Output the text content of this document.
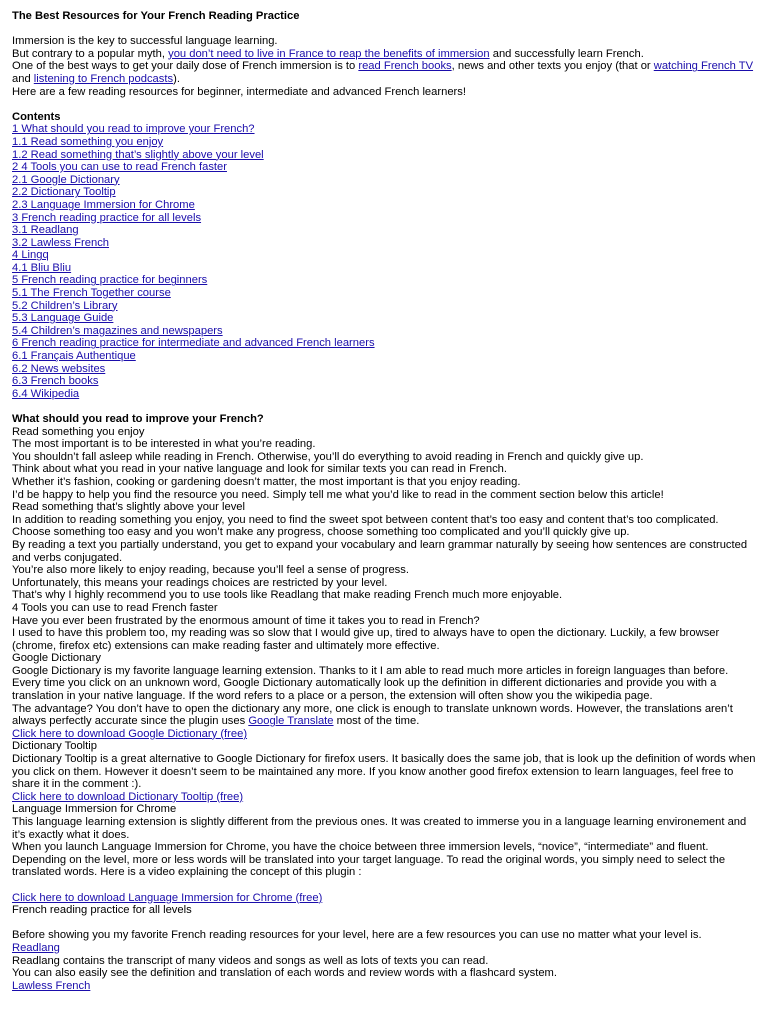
The Best Resources for Your French Reading Practice
Immersion is the key to successful language learning.
But contrary to a popular myth, you don’t need to live in France to reap the benefits of immersion and successfully learn French.
One of the best ways to get your daily dose of French immersion is to read French books, news and other texts you enjoy (that or watching French TV and listening to French podcasts).
Here are a few reading resources for beginner, intermediate and advanced French learners!
Contents
1 What should you read to improve your French?
1.1 Read something you enjoy
1.2 Read something that’s slightly above your level
2 4 Tools you can use to read French faster
2.1 Google Dictionary
2.2 Dictionary Tooltip
2.3 Language Immersion for Chrome
3 French reading practice for all levels
3.1 Readlang
3.2 Lawless French
4 Lingq
4.1 Bliu Bliu
5 French reading practice for beginners
5.1 The French Together course
5.2 Children’s Library
5.3 Language Guide
5.4 Children’s magazines and newspapers
6 French reading practice for intermediate and advanced French learners
6.1 Français Authentique
6.2 News websites
6.3 French books
6.4 Wikipedia
What should you read to improve your French?
Read something you enjoy
The most important is to be interested in what you’re reading.
You shouldn’t fall asleep while reading in French. Otherwise, you’ll do everything to avoid reading in French and quickly give up.
Think about what you read in your native language and look for similar texts you can read in French.
Whether it’s fashion, cooking or gardening doesn’t matter, the most important is that you enjoy reading.
I’d be happy to help you find the resource you need. Simply tell me what you’d like to read in the comment section below this article!
Read something that’s slightly above your level
In addition to reading something you enjoy, you need to find the sweet spot between content that’s too easy and content that’s too complicated.
Choose something too easy and you won’t make any progress, choose something too complicated and you’ll quickly give up.
By reading a text you partially understand, you get to expand your vocabulary and learn grammar naturally by seeing how sentences are constructed and verbs conjugated.
You’re also more likely to enjoy reading, because you’ll feel a sense of progress.
Unfortunately, this means your readings choices are restricted by your level.
That’s why I highly recommend you to use tools like Readlang that make reading French much more enjoyable.
4 Tools you can use to read French faster
Have you ever been frustrated by the enormous amount of time it takes you to read in French?
I used to have this problem too, my reading was so slow that I would give up, tired to always have to open the dictionary. Luckily, a few browser (chrome, firefox etc) extensions can make reading faster and ultimately more effective.
Google Dictionary
Google Dictionary is my favorite language learning extension. Thanks to it I am able to read much more articles in foreign languages than before.
Every time you click on an unknown word, Google Dictionary automatically look up the definition in different dictionaries and provide you with a translation in your native language. If the word refers to a place or a person, the extension will often show you the wikipedia page.
The advantage? You don’t have to open the dictionary any more, one click is enough to translate unknown words. However, the translations aren’t always perfectly accurate since the plugin uses Google Translate most of the time.
Click here to download Google Dictionary (free)
Dictionary Tooltip
Dictionary Tooltip is a great alternative to Google Dictionary for firefox users. It basically does the same job, that is look up the definition of words when you click on them. However it doesn’t seem to be maintained any more. If you know another good firefox extension to learn languages, feel free to share it in the comment :).
Click here to download Dictionary Tooltip (free)
Language Immersion for Chrome
This language learning extension is slightly different from the previous ones. It was created to immerse you in a language learning environement and it’s exactly what it does.
When you launch Language Immersion for Chrome, you have the choice between three immersion levels, “novice”, “intermediate” and fluent. Depending on the level, more or less words will be translated into your target language. To read the original words, you simply need to select the translated words. Here is a video explaining the concept of this plugin :
Click here to download Language Immersion for Chrome (free)
French reading practice for all levels
Before showing you my favorite French reading resources for your level, here are a few resources you can use no matter what your level is.
Readlang
Readlang contains the transcript of many videos and songs as well as lots of texts you can read.
You can also easily see the definition and translation of each words and review words with a flashcard system.
Lawless French
